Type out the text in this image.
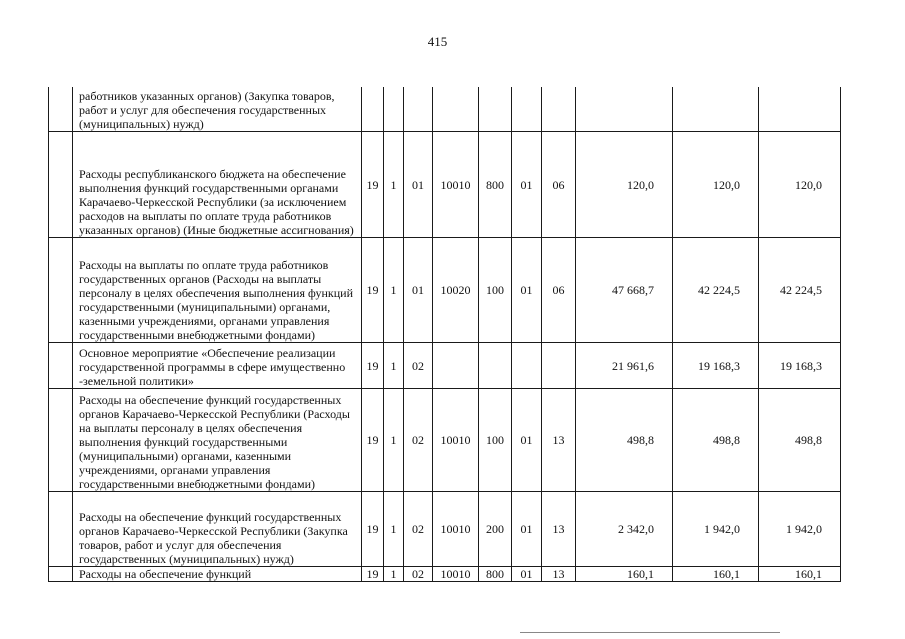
415
	работников указанных органов) (Закупка товаров, работ и услуг для обеспечения государственных (муниципальных) нужд)										
	Расходы республиканского бюджета на обеспечение выполнения функций государственными органами Карачаево-Черкесской Республики (за исключением расходов на выплаты по оплате труда работников указанных органов) (Иные бюджетные ассигнования)	19	1	01	10010	800	01	06	120,0	120,0	120,0
	Расходы на выплаты по оплате труда работников государственных органов (Расходы на выплаты персоналу в целях обеспечения выполнения функций государственными (муниципальными) органами, казенными учреждениями, органами управления государственными внебюджетными фондами)	19	1	01	10020	100	01	06	47 668,7	42 224,5	42 224,5
	Основное мероприятие «Обеспечение реализации государственной программы в сфере имущественно -земельной политики»	19	1	02					21 961,6	19 168,3	19 168,3
	Расходы на обеспечение функций государственных органов Карачаево-Черкесской Республики (Расходы на выплаты персоналу в целях обеспечения выполнения функций государственными (муниципальными) органами, казенными учреждениями, органами управления государственными внебюджетными фондами)	19	1	02	10010	100	01	13	498,8	498,8	498,8
	Расходы на обеспечение функций государственных органов Карачаево-Черкесской Республики (Закупка товаров, работ и услуг для обеспечения государственных (муниципальных) нужд)	19	1	02	10010	200	01	13	2 342,0	1 942,0	1 942,0
	Расходы на обеспечение функций	19	1	02	10010	800	01	13	160,1	160,1	160,1
